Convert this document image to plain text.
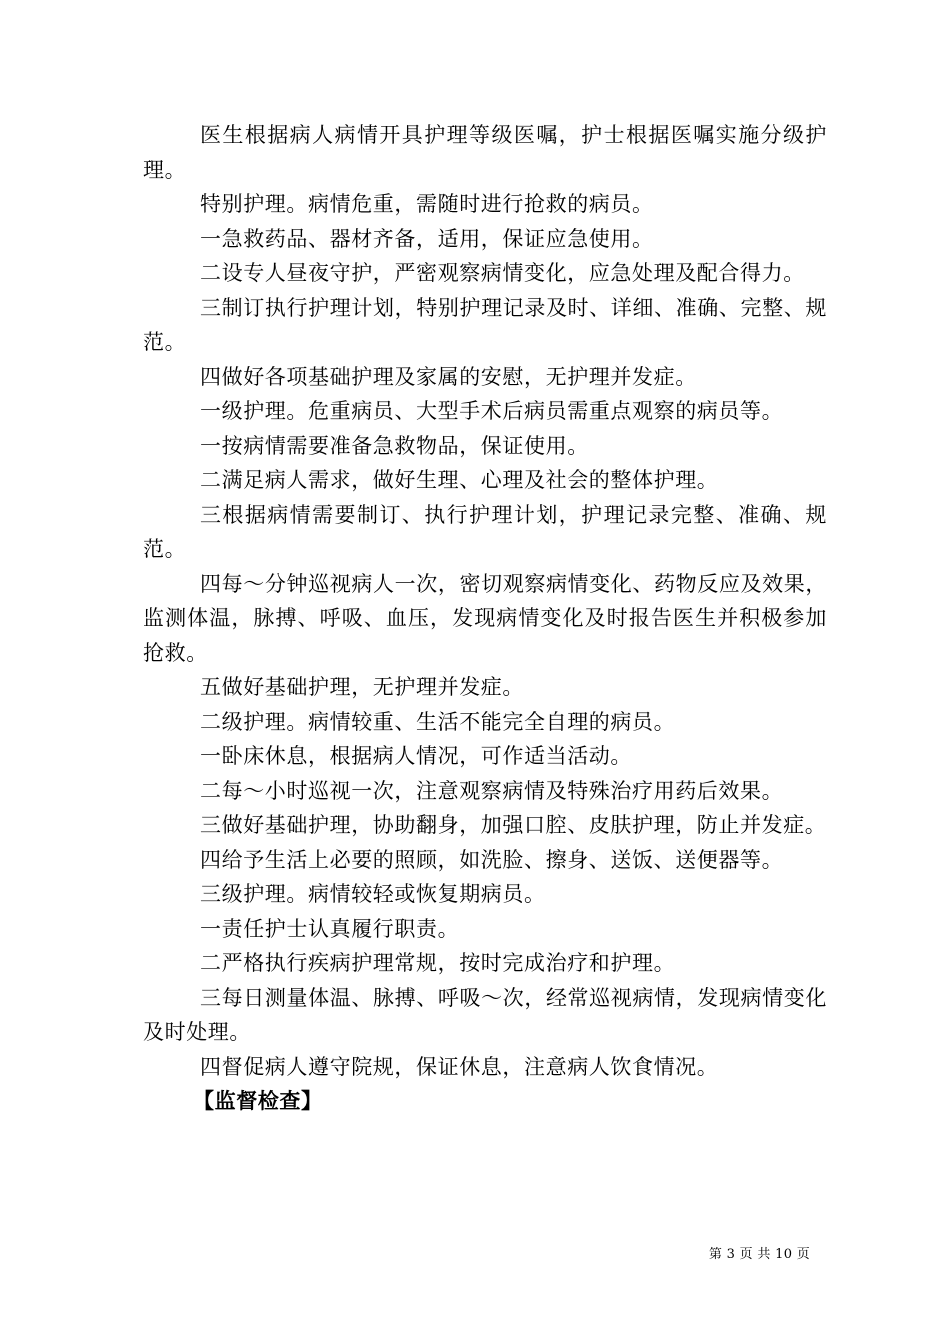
医生根据病人病情开具护理等级医嘱，护士根据医嘱实施分级护理。

特别护理。病情危重，需随时进行抢救的病员。

一急救药品、器材齐备，适用，保证应急使用。

二设专人昼夜守护，严密观察病情变化，应急处理及配合得力。

三制订执行护理计划，特别护理记录及时、详细、准确、完整、规范。

四做好各项基础护理及家属的安慰，无护理并发症。

一级护理。危重病员、大型手术后病员需重点观察的病员等。

一按病情需要准备急救物品，保证使用。

二满足病人需求，做好生理、心理及社会的整体护理。

三根据病情需要制订、执行护理计划，护理记录完整、准确、规范。

四每～分钟巡视病人一次，密切观察病情变化、药物反应及效果，监测体温，脉搏、呼吸、血压，发现病情变化及时报告医生并积极参加抢救。

五做好基础护理，无护理并发症。

二级护理。病情较重、生活不能完全自理的病员。

一卧床休息，根据病人情况，可作适当活动。

二每～小时巡视一次，注意观察病情及特殊治疗用药后效果。

三做好基础护理，协助翻身，加强口腔、皮肤护理，防止并发症。

四给予生活上必要的照顾，如洗脸、擦身、送饭、送便器等。

三级护理。病情较轻或恢复期病员。

一责任护士认真履行职责。

二严格执行疾病护理常规，按时完成治疗和护理。

三每日测量体温、脉搏、呼吸～次，经常巡视病情，发现病情变化及时处理。

四督促病人遵守院规，保证休息，注意病人饮食情况。

【监督检查】

第 3 页 共 10 页
